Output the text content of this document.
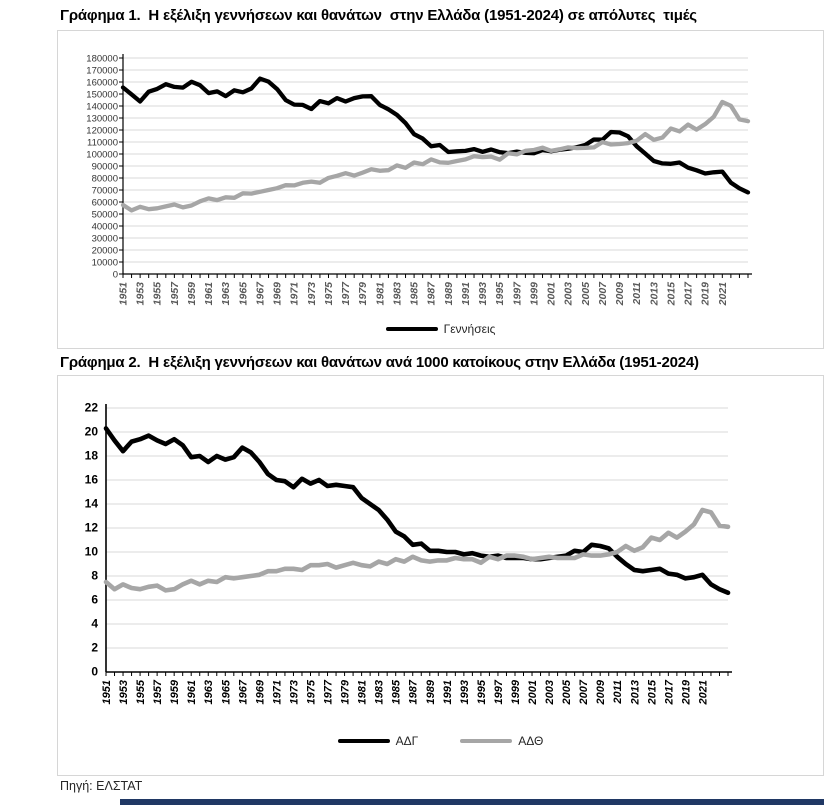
Γράφημα 1.  Η εξέλιξη γεννήσεων και θανάτων  στην Ελλάδα (1951-2024) σε απόλυτες  τιμές
0
10000
20000
30000
40000
50000
60000
70000
80000
90000
100000
110000
120000
130000
140000
150000
160000
170000
180000
1951 1953 1955 1957 1959 1961 1963 1965 1967 1969 1971 1973 1975 1977 1979 1981 1983 1985 1987 1989 1991 1993 1995 1997 1999 2001 2003 2005 2007 2009 2011 2013 2015 2017 2019 2021
Γεννήσεις
Γράφημα 2.  Η εξέλιξη γεννήσεων και θανάτων ανά 1000 κατοίκους στην Ελλάδα (1951-2024)
0
2
4
6
8
10
12
14
16
18
20
22
1951 1953 1955 1957 1959 1961 1963 1965 1967 1969 1971 1973 1975 1977 1979 1981 1983 1985 1987 1989 1991 1993 1995 1997 1999 2001 2003 2005 2007 2009 2011 2013 2015 2017 2019 2021
ΑΔΓ	ΑΔΘ
Πηγή: ΕΛΣΤΑΤ
